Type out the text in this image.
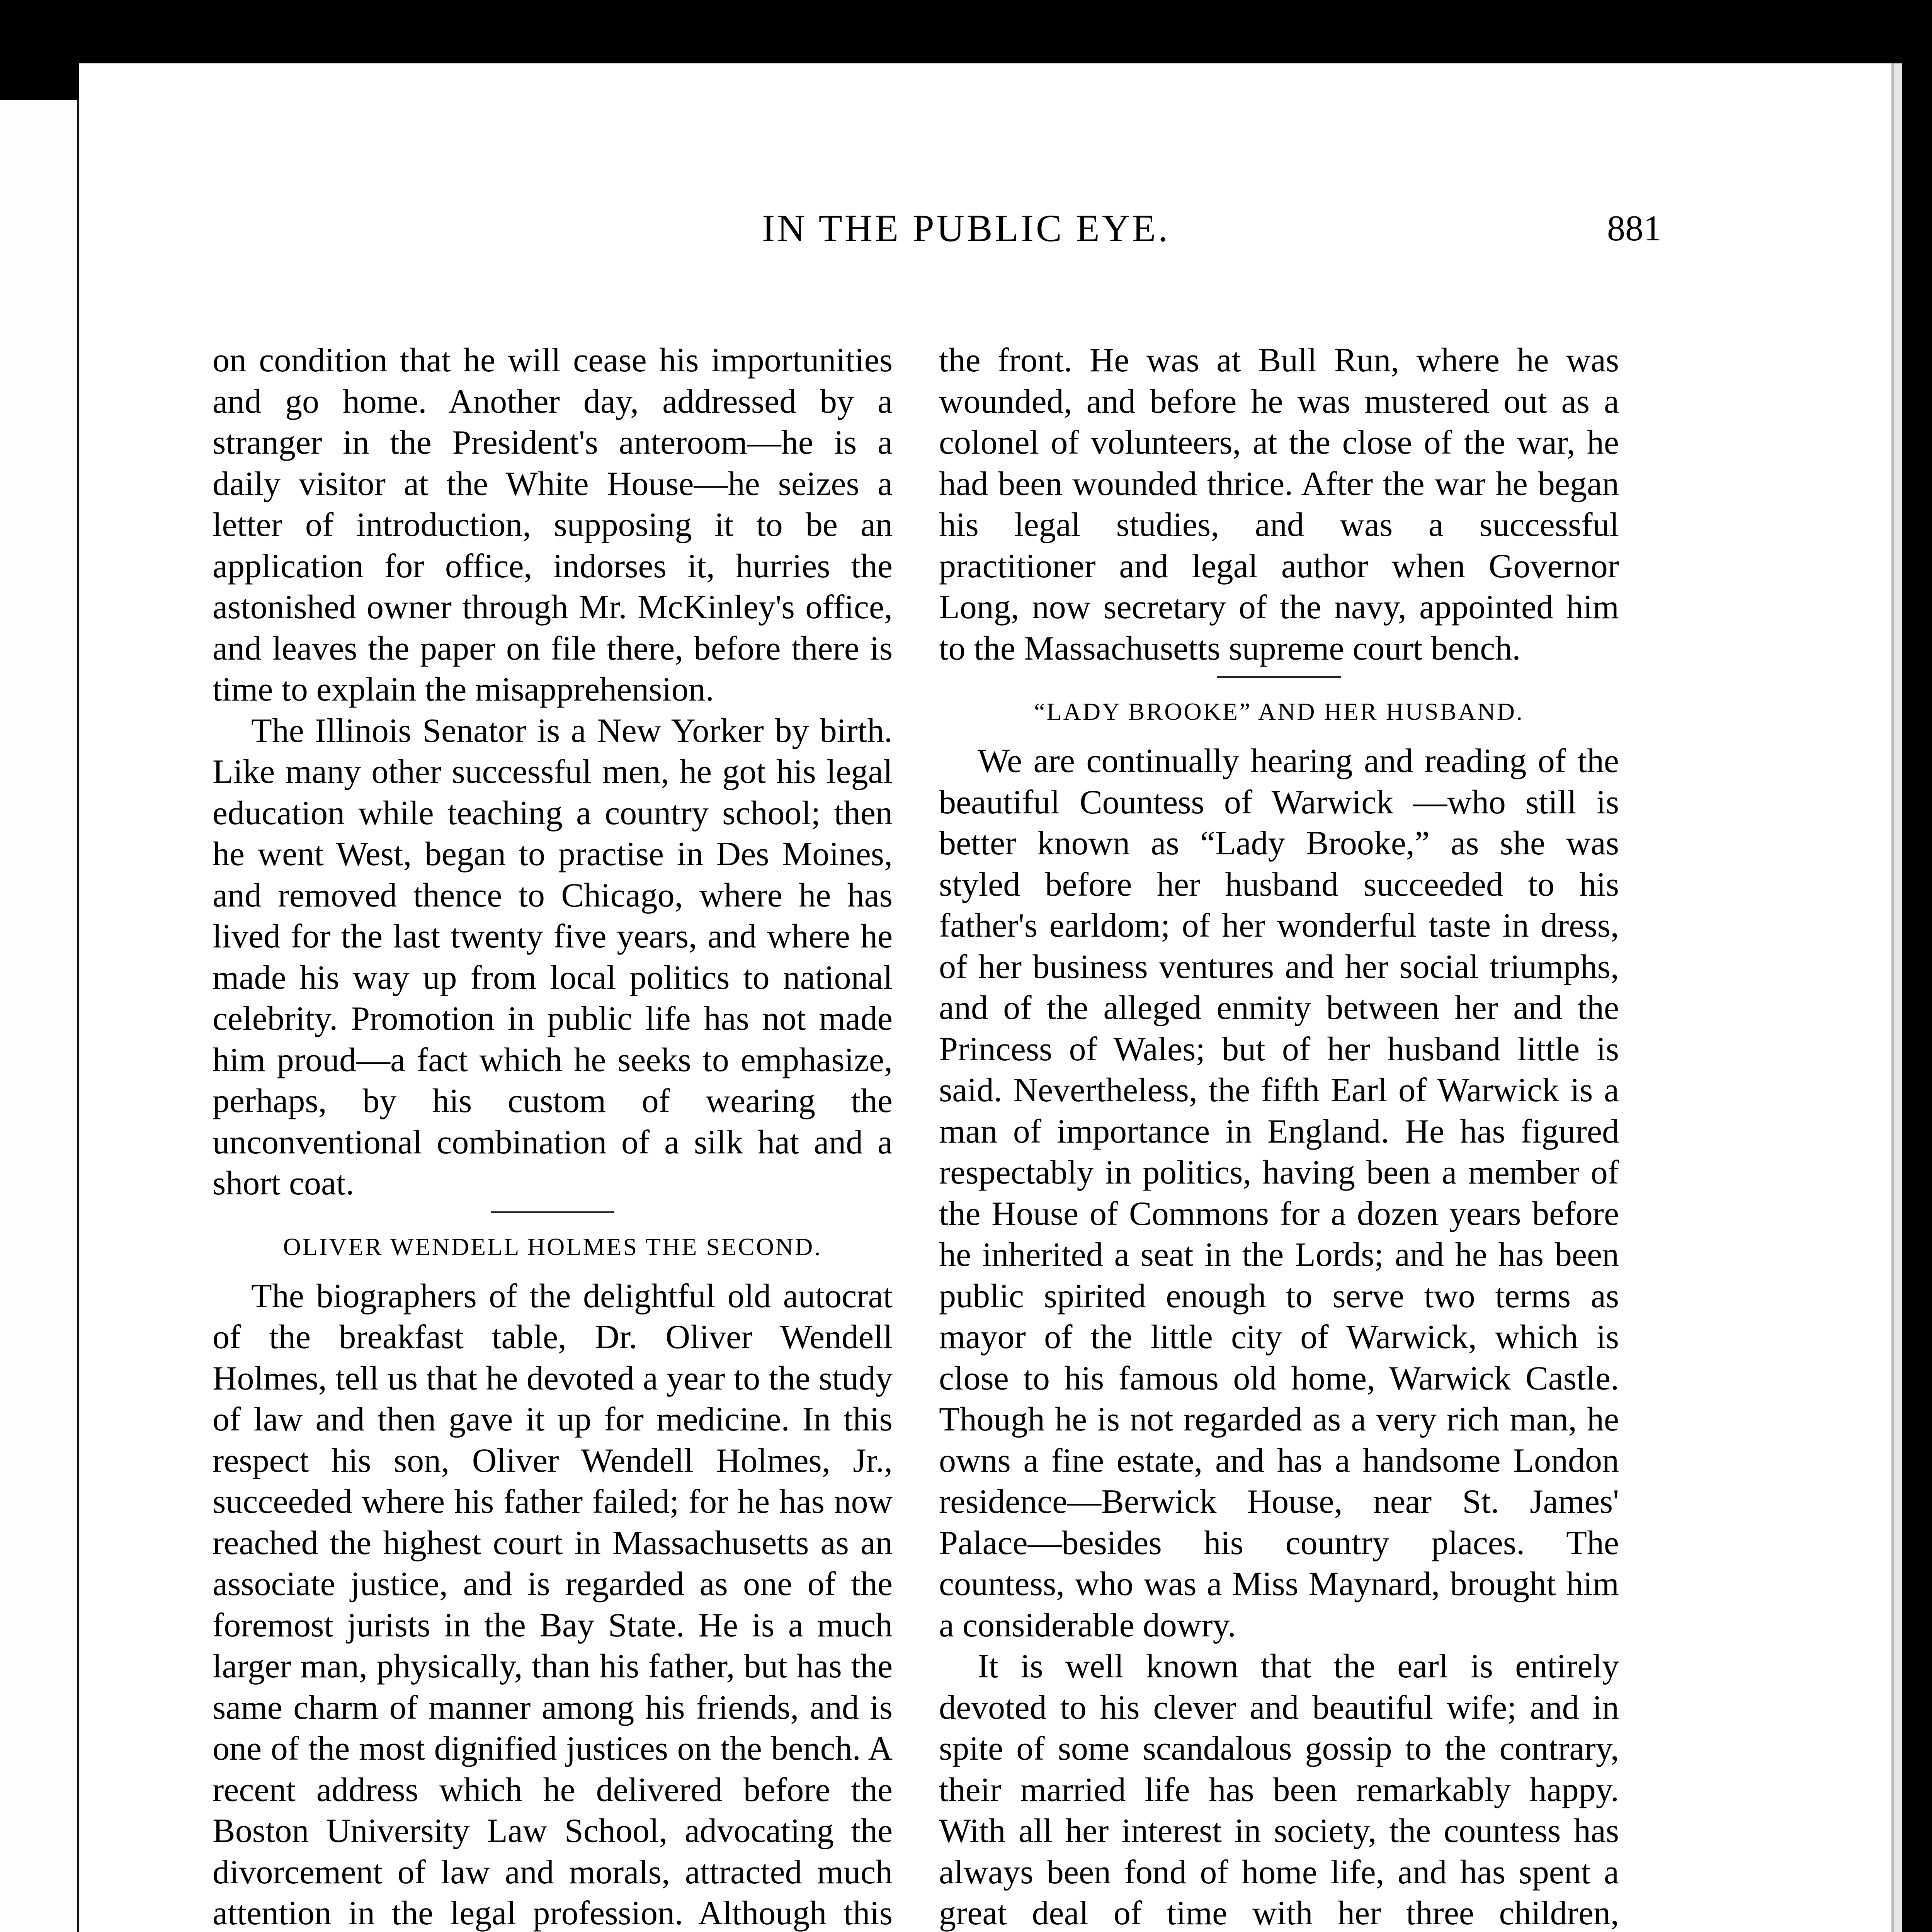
IN THE PUBLIC EYE.	881

on condition that he will cease his importunities and go home. Another day, addressed by a stranger in the President's anteroom—he is a daily visitor at the White House—he seizes a letter of introduction, supposing it to be an application for office, indorses it, hurries the astonished owner through Mr. McKinley's office, and leaves the paper on file there, before there is time to explain the misapprehension.

The Illinois Senator is a New Yorker by birth. Like many other successful men, he got his legal education while teaching a country school; then he went West, began to practise in Des Moines, and removed thence to Chicago, where he has lived for the last twenty five years, and where he made his way up from local politics to national celebrity. Promotion in public life has not made him proud—a fact which he seeks to emphasize, perhaps, by his custom of wearing the unconventional combination of a silk hat and a short coat.

OLIVER WENDELL HOLMES THE SECOND.

The biographers of the delightful old autocrat of the breakfast table, Dr. Oliver Wendell Holmes, tell us that he devoted a year to the study of law and then gave it up for medicine. In this respect his son, Oliver Wendell Holmes, Jr., succeeded where his father failed; for he has now reached the highest court in Massachusetts as an associate justice, and is regarded as one of the foremost jurists in the Bay State. He is a much larger man, physically, than his father, but has the same charm of manner among his friends, and is one of the most dignified justices on the bench. A recent address which he delivered before the Boston University Law School, advocating the divorcement of law and morals, attracted much attention in the legal profession. Although this

the front. He was at Bull Run, where he was wounded, and before he was mustered out as a colonel of volunteers, at the close of the war, he had been wounded thrice. After the war he began his legal studies, and was a successful practitioner and legal author when Governor Long, now secretary of the navy, appointed him to the Massachusetts supreme court bench.

“LADY BROOKE” AND HER HUSBAND.

We are continually hearing and reading of the beautiful Countess of Warwick —who still is better known as “Lady Brooke,” as she was styled before her husband succeeded to his father's earldom; of her wonderful taste in dress, of her business ventures and her social triumphs, and of the alleged enmity between her and the Princess of Wales; but of her husband little is said. Nevertheless, the fifth Earl of Warwick is a man of importance in England. He has figured respectably in politics, having been a member of the House of Commons for a dozen years before he inherited a seat in the Lords; and he has been public spirited enough to serve two terms as mayor of the little city of Warwick, which is close to his famous old home, Warwick Castle. Though he is not regarded as a very rich man, he owns a fine estate, and has a handsome London residence—Berwick House, near St. James' Palace—besides his country places. The countess, who was a Miss Maynard, brought him a considerable dowry.

It is well known that the earl is entirely devoted to his clever and beautiful wife; and in spite of some scandalous gossip to the contrary, their married life has been remarkably happy. With all her interest in society, the countess has always been fond of home life, and has spent a great deal of time with her three children,
